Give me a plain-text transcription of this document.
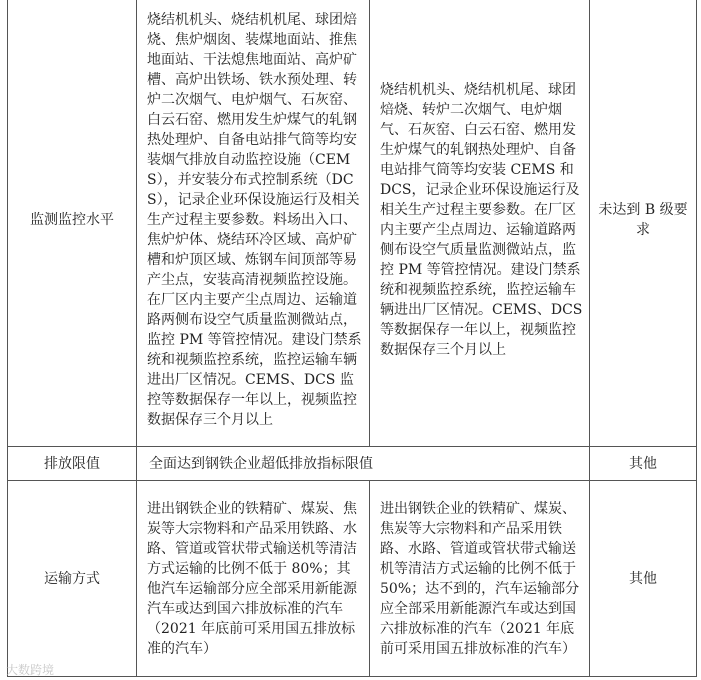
监测监控水平	烧结机机头、烧结机机尾、球团焙烧、焦炉烟囱、装煤地面站、推焦地面站、干法熄焦地面站、高炉矿槽、高炉出铁场、铁水预处理、转炉二次烟气、电炉烟气、石灰窑、白云石窑、燃用发生炉煤气的轧钢热处理炉、自备电站排气筒等均安装烟气排放自动监控设施（CEMS），并安装分布式控制系统（DCS），记录企业环保设施运行及相关生产过程主要参数。料场出入口、焦炉炉体、烧结环冷区域、高炉矿槽和炉顶区域、炼钢车间顶部等易产尘点，安装高清视频监控设施。在厂区内主要产尘点周边、运输道路两侧布设空气质量监测微站点，监控 PM 等管控情况。建设门禁系统和视频监控系统，监控运输车辆进出厂区情况。CEMS、DCS 监控等数据保存一年以上，视频监控数据保存三个月以上	烧结机机头、烧结机机尾、球团焙烧、转炉二次烟气、电炉烟气、石灰窑、白云石窑、燃用发生炉煤气的轧钢热处理炉、自备电站排气筒等均安装 CEMS 和 DCS，记录企业环保设施运行及相关生产过程主要参数。在厂区内主要产尘点周边、运输道路两侧布设空气质量监测微站点，监控 PM 等管控情况。建设门禁系统和视频监控系统，监控运输车辆进出厂区情况。CEMS、DCS 等数据保存一年以上，视频监控数据保存三个月以上	未达到 B 级要求

排放限值	全面达到钢铁企业超低排放指标限值		其他
运输方式	进出钢铁企业的铁精矿、煤炭、焦炭等大宗物料和产品采用铁路、水路、管道或管状带式输送机等清洁方式运输的比例不低于 80%；其他汽车运输部分应全部采用新能源汽车或达到国六排放标准的汽车（2021 年底前可采用国五排放标准的汽车）	进出钢铁企业的铁精矿、煤炭、焦炭等大宗物料和产品采用铁路、水路、管道或管状带式输送机等清洁方式运输的比例不低于 50%；达不到的，汽车运输部分应全部采用新能源汽车或达到国六排放标准的汽车（2021 年底前可采用国五排放标准的汽车）	其他
大数跨境
